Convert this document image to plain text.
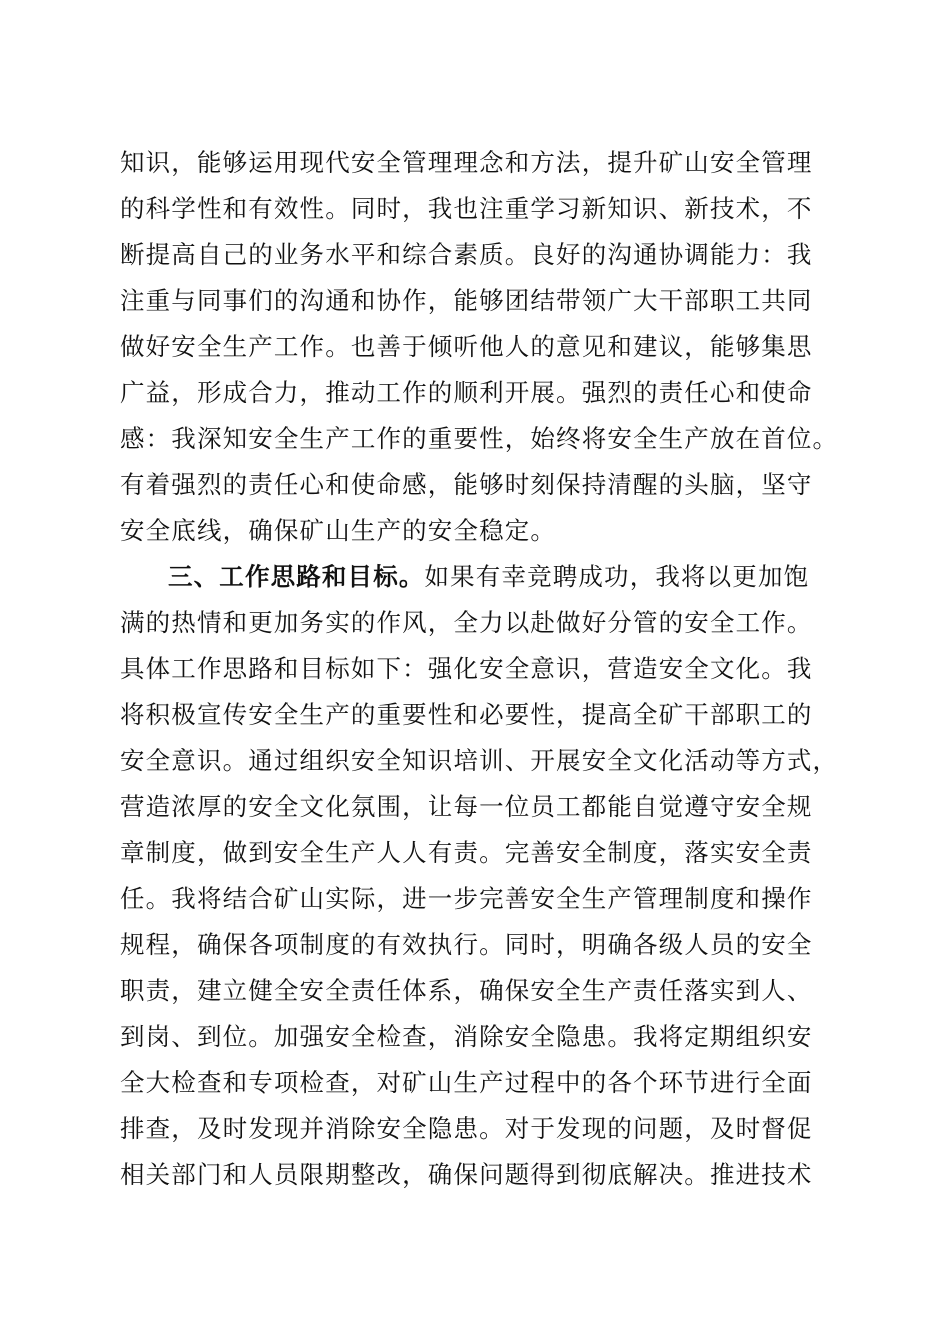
知识，能够运用现代安全管理理念和方法，提升矿山安全管理
的科学性和有效性。同时，我也注重学习新知识、新技术，不
断提高自己的业务水平和综合素质。良好的沟通协调能力：我
注重与同事们的沟通和协作，能够团结带领广大干部职工共同
做好安全生产工作。也善于倾听他人的意见和建议，能够集思
广益，形成合力，推动工作的顺利开展。强烈的责任心和使命
感：我深知安全生产工作的重要性，始终将安全生产放在首位。
有着强烈的责任心和使命感，能够时刻保持清醒的头脑，坚守
安全底线，确保矿山生产的安全稳定。
三、工作思路和目标。如果有幸竞聘成功，我将以更加饱
满的热情和更加务实的作风，全力以赴做好分管的安全工作。
具体工作思路和目标如下：强化安全意识，营造安全文化。我
将积极宣传安全生产的重要性和必要性，提高全矿干部职工的
安全意识。通过组织安全知识培训、开展安全文化活动等方式，
营造浓厚的安全文化氛围，让每一位员工都能自觉遵守安全规
章制度，做到安全生产人人有责。完善安全制度，落实安全责
任。我将结合矿山实际，进一步完善安全生产管理制度和操作
规程，确保各项制度的有效执行。同时，明确各级人员的安全
职责，建立健全安全责任体系，确保安全生产责任落实到人、
到岗、到位。加强安全检查，消除安全隐患。我将定期组织安
全大检查和专项检查，对矿山生产过程中的各个环节进行全面
排查，及时发现并消除安全隐患。对于发现的问题，及时督促
相关部门和人员限期整改，确保问题得到彻底解决。推进技术
